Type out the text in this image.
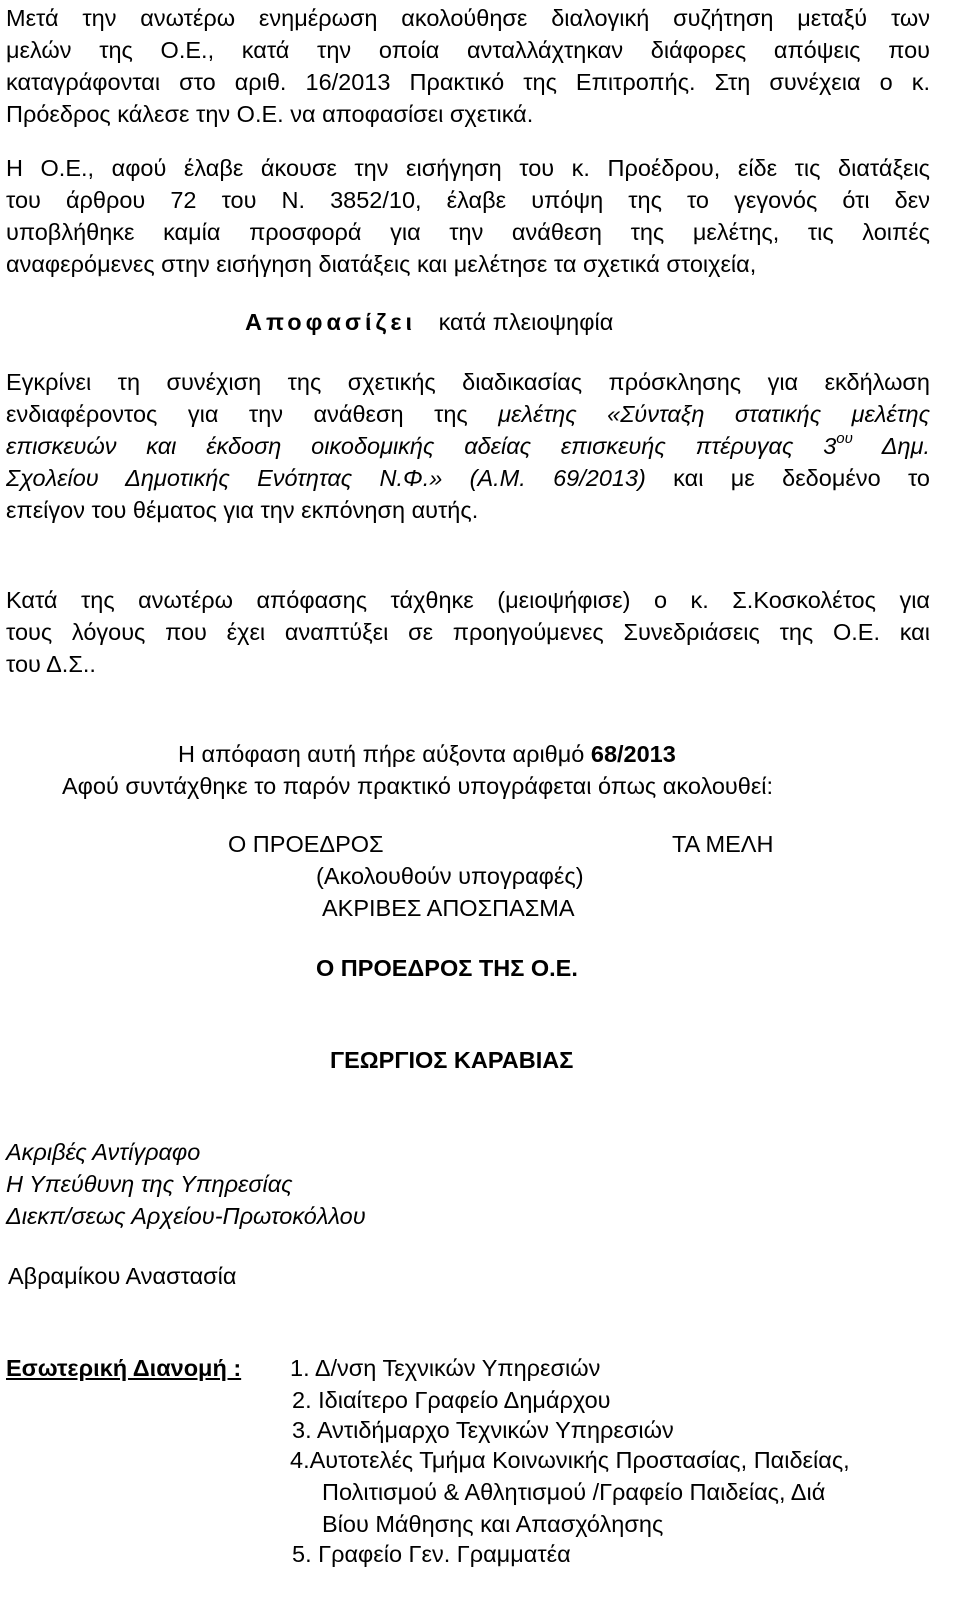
Μετά την ανωτέρω ενημέρωση ακολούθησε διαλογική συζήτηση μεταξύ των
μελών της Ο.Ε., κατά την οποία ανταλλάχτηκαν διάφορες απόψεις που
καταγράφονται στο αριθ. 16/2013 Πρακτικό της Επιτροπής. Στη συνέχεια ο κ.
Πρόεδρος κάλεσε την Ο.Ε. να αποφασίσει σχετικά.
Η Ο.Ε., αφού έλαβε άκουσε την εισήγηση του κ. Προέδρου, είδε τις διατάξεις
του άρθρου 72 του Ν. 3852/10, έλαβε υπόψη της το γεγονός ότι δεν
υποβλήθηκε καμία προσφορά για την ανάθεση της μελέτης, τις λοιπές
αναφερόμενες στην εισήγηση διατάξεις και μελέτησε τα σχετικά στοιχεία,
Αποφασίζει κατά πλειοψηφία
Εγκρίνει τη συνέχιση της σχετικής διαδικασίας πρόσκλησης για εκδήλωση
ενδιαφέροντος για την ανάθεση της μελέτης «Σύνταξη στατικής μελέτης
επισκευών και έκδοση οικοδομικής αδείας επισκευής πτέρυγας $3^{o\upsilon}$ Δημ.
Σχολείου Δημοτικής Ενότητας Ν.Φ.» (Α.Μ. 69/2013) και με δεδομένο το
επείγον του θέματος για την εκπόνηση αυτής.
Κατά της ανωτέρω απόφασης τάχθηκε (μειοψήφισε) ο κ. Σ.Κοσκολέτος για
τους λόγους που έχει αναπτύξει σε προηγούμενες Συνεδριάσεις της Ο.Ε. και
του Δ.Σ..
Η απόφαση αυτή πήρε αύξοντα αριθμό 68/2013
Αφού συντάχθηκε το παρόν πρακτικό υπογράφεται όπως ακολουθεί:
Ο ΠΡΟΕΔΡΟΣ	ΤΑ ΜΕΛΗ
(Ακολουθούν υπογραφές)
ΑΚΡΙΒΕΣ ΑΠΟΣΠΑΣΜΑ
Ο ΠΡΟΕΔΡΟΣ ΤΗΣ Ο.Ε.
ΓΕΩΡΓΙΟΣ ΚΑΡΑΒΙΑΣ
Ακριβές Αντίγραφο
Η Υπεύθυνη της Υπηρεσίας
Διεκπ/σεως Αρχείου-Πρωτοκόλλου
Αβραμίκου Αναστασία
Εσωτερική Διανομή : 1. Δ/νση Τεχνικών Υπηρεσιών
2. Ιδιαίτερο Γραφείο Δημάρχου
3. Αντιδήμαρχο Τεχνικών Υπηρεσιών
4.Αυτοτελές Τμήμα Κοινωνικής Προστασίας, Παιδείας,
Πολιτισμού & Αθλητισμού /Γραφείο Παιδείας, Διά
Βίου Μάθησης και Απασχόλησης
5. Γραφείο Γεν. Γραμματέα
